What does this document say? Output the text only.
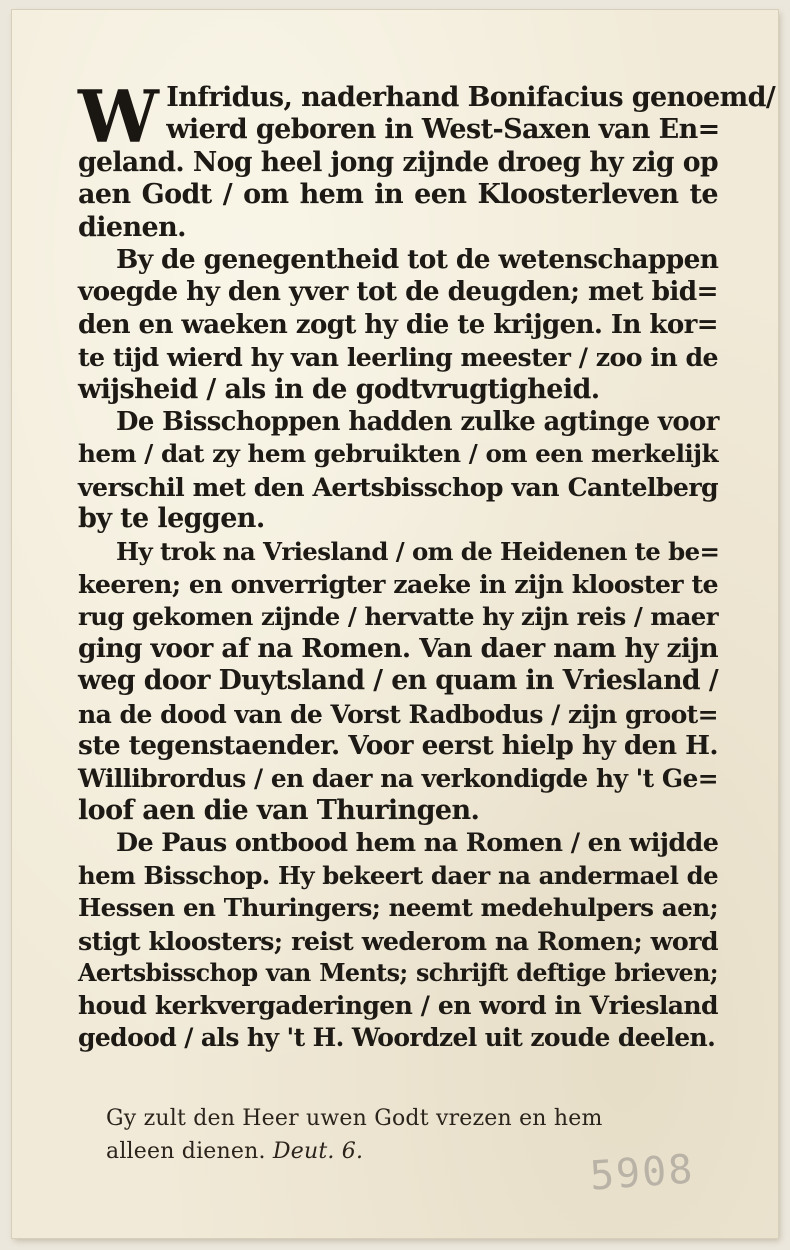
W Infridus, naderhand Bonifacius genoemd/
wierd geboren in West-Saxen van En=
geland. Nog heel jong zijnde droeg hy zig op
aen Godt / om hem in een Kloosterleven te
dienen.
By de genegentheid tot de wetenschappen
voegde hy den yver tot de deugden; met bid=
den en waeken zogt hy die te krijgen. In kor=
te tijd wierd hy van leerling meester / zoo in de
wijsheid / als in de godtvrugtigheid.
De Bisschoppen hadden zulke agtinge voor
hem / dat zy hem gebruikten / om een merkelijk
verschil met den Aertsbisschop van Cantelberg
by te leggen.
Hy trok na Vriesland / om de Heidenen te be=
keeren; en onverrigter zaeke in zijn klooster te
rug gekomen zijnde / hervatte hy zijn reis / maer
ging voor af na Romen. Van daer nam hy zijn
weg door Duytsland / en quam in Vriesland /
na de dood van de Vorst Radbodus / zijn groot=
ste tegenstaender. Voor eerst hielp hy den H.
Willibrordus / en daer na verkondigde hy 't Ge=
loof aen die van Thuringen.
De Paus ontbood hem na Romen / en wijdde
hem Bisschop. Hy bekeert daer na andermael de
Hessen en Thuringers; neemt medehulpers aen;
stigt kloosters; reist wederom na Romen; word
Aertsbisschop van Ments; schrijft deftige brieven;
houd kerkvergaderingen / en word in Vriesland
gedood / als hy 't H. Woordzel uit zoude deelen.
Gy zult den Heer uwen Godt vrezen en hem
alleen dienen. Deut. 6.	5908
